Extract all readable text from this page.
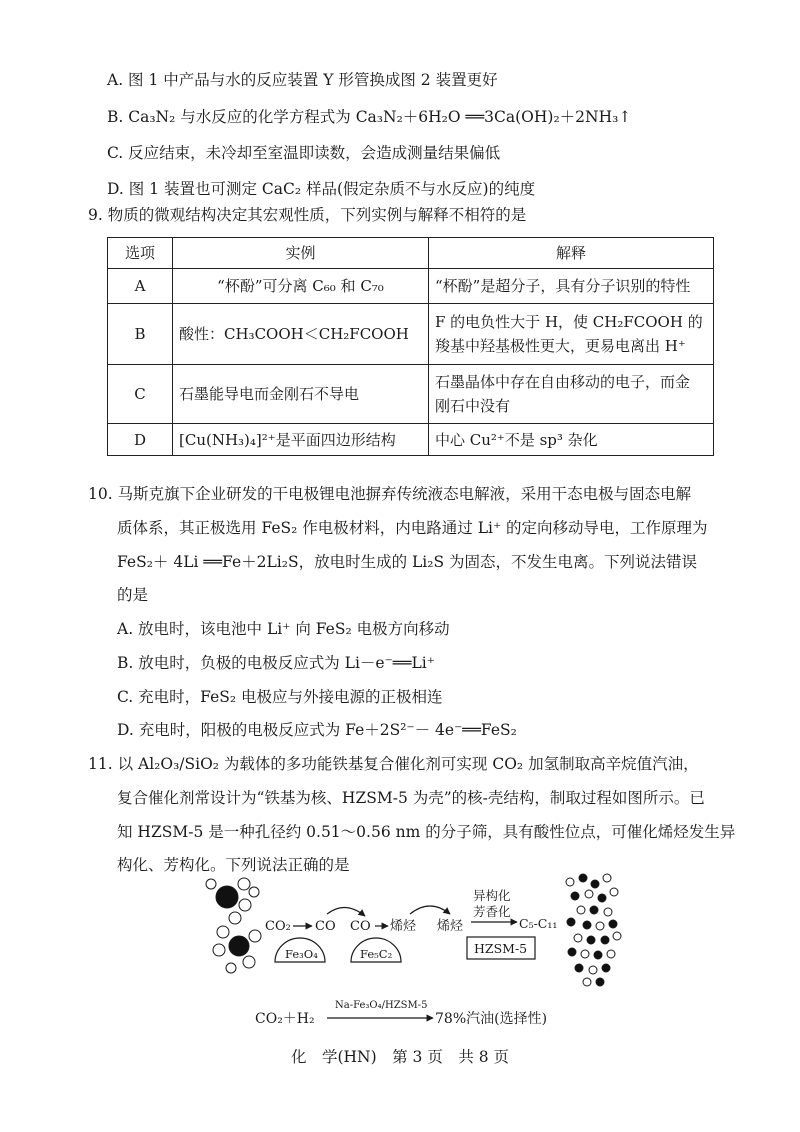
A. 图 1 中产品与水的反应装置 Y 形管换成图 2 装置更好
B. Ca₃N₂ 与水反应的化学方程式为 Ca₃N₂＋6H₂O ══3Ca(OH)₂＋2NH₃↑
C. 反应结束，未冷却至室温即读数，会造成测量结果偏低
D. 图 1 装置也可测定 CaC₂ 样品(假定杂质不与水反应)的纯度
9. 物质的微观结构决定其宏观性质，下列实例与解释不相符的是
选项	实例	解释
A	“杯酚”可分离 C₆₀ 和 C₇₀	“杯酚”是超分子，具有分子识别的特性

B	酸性：CH₃COOH＜CH₂FCOOH	F 的电负性大于 H，使 CH₂FCOOH 的
羧基中羟基极性更大，更易电离出 H⁺

C	石墨能导电而金刚石不导电	石墨晶体中存在自由移动的电子，而金
刚石中没有

D	[Cu(NH₃)₄]²⁺是平面四边形结构	中心 Cu²⁺不是 sp³ 杂化
10. 马斯克旗下企业研发的干电极锂电池摒弃传统液态电解液，采用干态电极与固态电解
质体系，其正极选用 FeS₂ 作电极材料，内电路通过 Li⁺ 的定向移动导电，工作原理为
FeS₂＋ 4Li ══Fe＋2Li₂S，放电时生成的 Li₂S 为固态，不发生电离。下列说法错误
的是
A. 放电时，该电池中 Li⁺ 向 FeS₂ 电极方向移动
B. 放电时，负极的电极反应式为 Li－e⁻══Li⁺
C. 充电时，FeS₂ 电极应与外接电源的正极相连
D. 充电时，阳极的电极反应式为 Fe＋2S²⁻－ 4e⁻══FeS₂
11. 以 Al₂O₃/SiO₂ 为载体的多功能铁基复合催化剂可实现 CO₂ 加氢制取高辛烷值汽油，
复合催化剂常设计为“铁基为核、HZSM-5 为壳”的核-壳结构，制取过程如图所示。已
知 HZSM-5 是一种孔径约 0.51～0.56 nm 的分子筛，具有酸性位点，可催化烯烃发生异
构化、芳构化。下列说法正确的是
CO₂ CO CO 烯烃 烯烃
异构化
芳香化
C₅-C₁₁
Fe₃O₄	Fe₅C₂	HZSM-5
CO₂＋H₂
Na-Fe₃O₄/HZSM-5
78%汽油(选择性)
化　学(HN)　第 3 页　共 8 页
